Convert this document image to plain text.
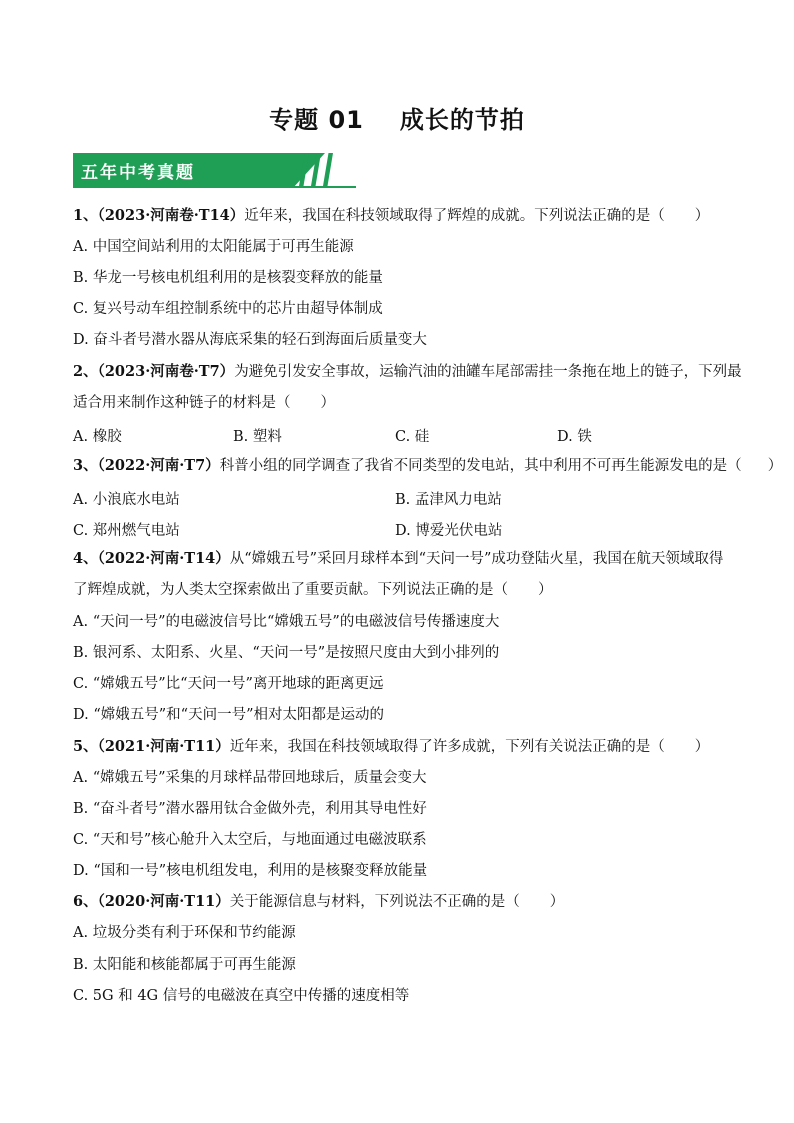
专题 01 成长的节拍
五年中考真题
1、（2023·河南卷·T14）近年来，我国在科技领域取得了辉煌的成就。下列说法正确的是（ ）
A. 中国空间站利用的太阳能属于可再生能源
B. 华龙一号核电机组利用的是核裂变释放的能量
C. 复兴号动车组控制系统中的芯片由超导体制成
D. 奋斗者号潜水器从海底采集的轻石到海面后质量变大
2、（2023·河南卷·T7）为避免引发安全事故，运输汽油的油罐车尾部需挂一条拖在地上的链子，下列最
适合用来制作这种链子的材料是（ ）
A. 橡胶	B. 塑料	C. 硅	D. 铁
3、（2022·河南·T7）科普小组的同学调查了我省不同类型的发电站，其中利用不可再生能源发电的是（ ）
A. 小浪底水电站	B. 孟津风力电站
C. 郑州燃气电站	D. 博爱光伏电站
4、（2022·河南·T14）从“嫦娥五号”采回月球样本到“天问一号”成功登陆火星，我国在航天领域取得
了辉煌成就，为人类太空探索做出了重要贡献。下列说法正确的是（ ）
A. “天问一号”的电磁波信号比“嫦娥五号”的电磁波信号传播速度大
B. 银河系、太阳系、火星、“天问一号”是按照尺度由大到小排列的
C. “嫦娥五号”比“天问一号”离开地球的距离更远
D. “嫦娥五号”和“天问一号”相对太阳都是运动的
5、（2021·河南·T11）近年来，我国在科技领域取得了许多成就，下列有关说法正确的是（ ）
A. “嫦娥五号”采集的月球样品带回地球后，质量会变大
B. “奋斗者号”潜水器用钛合金做外壳，利用其导电性好
C. “天和号”核心舱升入太空后，与地面通过电磁波联系
D. “国和一号”核电机组发电，利用的是核聚变释放能量
6、（2020·河南·T11）关于能源信息与材料，下列说法不正确的是（ ）
A. 垃圾分类有利于环保和节约能源
B. 太阳能和核能都属于可再生能源
C. 5G 和 4G 信号的电磁波在真空中传播的速度相等
